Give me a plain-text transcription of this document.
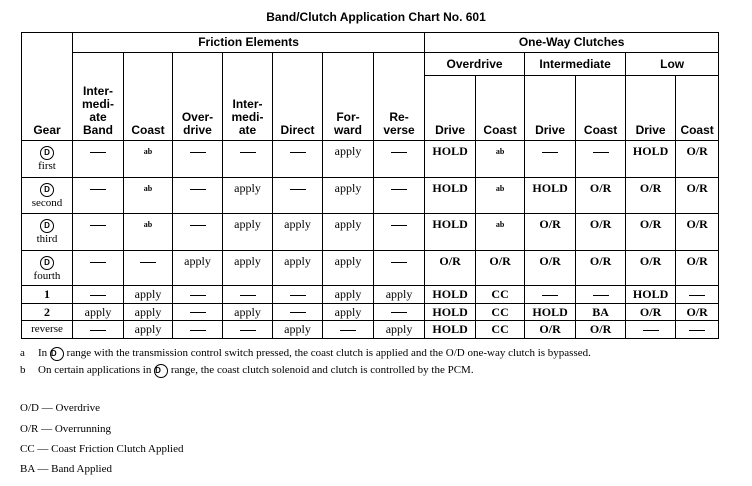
Band/Clutch Application Chart No. 601
Gear	Friction Elements							One-Way Clutches					
	Inter-
medi-
ate
Band	Coast	Over-
drive	Inter-
medi-
ate	Direct	For-
ward	Re-
verse	Overdrive		Intermediate		Low	
								Drive	Coast	Drive	Coast	Drive	Coast
D
first		$^{ab}$				apply		HOLD	$^{ab}$			HOLD	O/R
D
second		$^{ab}$		apply		apply		HOLD	$^{ab}$	HOLD	O/R	O/R	O/R
D
third		$^{ab}$		apply	apply	apply		HOLD	$^{ab}$	O/R	O/R	O/R	O/R
D
fourth			apply	apply	apply	apply		O/R	O/R	O/R	O/R	O/R	O/R
1		apply				apply	apply	HOLD	CC			HOLD	
2	apply	apply		apply		apply		HOLD	CC	HOLD	BA	O/R	O/R
reverse		apply			apply		apply	HOLD	CC	O/R	O/R		
a In D range with the transmission control switch pressed, the coast clutch is applied and the O/D one-way clutch is bypassed.
b On certain applications in D range, the coast clutch solenoid and clutch is controlled by the PCM.
O/D — Overdrive
O/R — Overrunning
CC — Coast Friction Clutch Applied
BA — Band Applied
